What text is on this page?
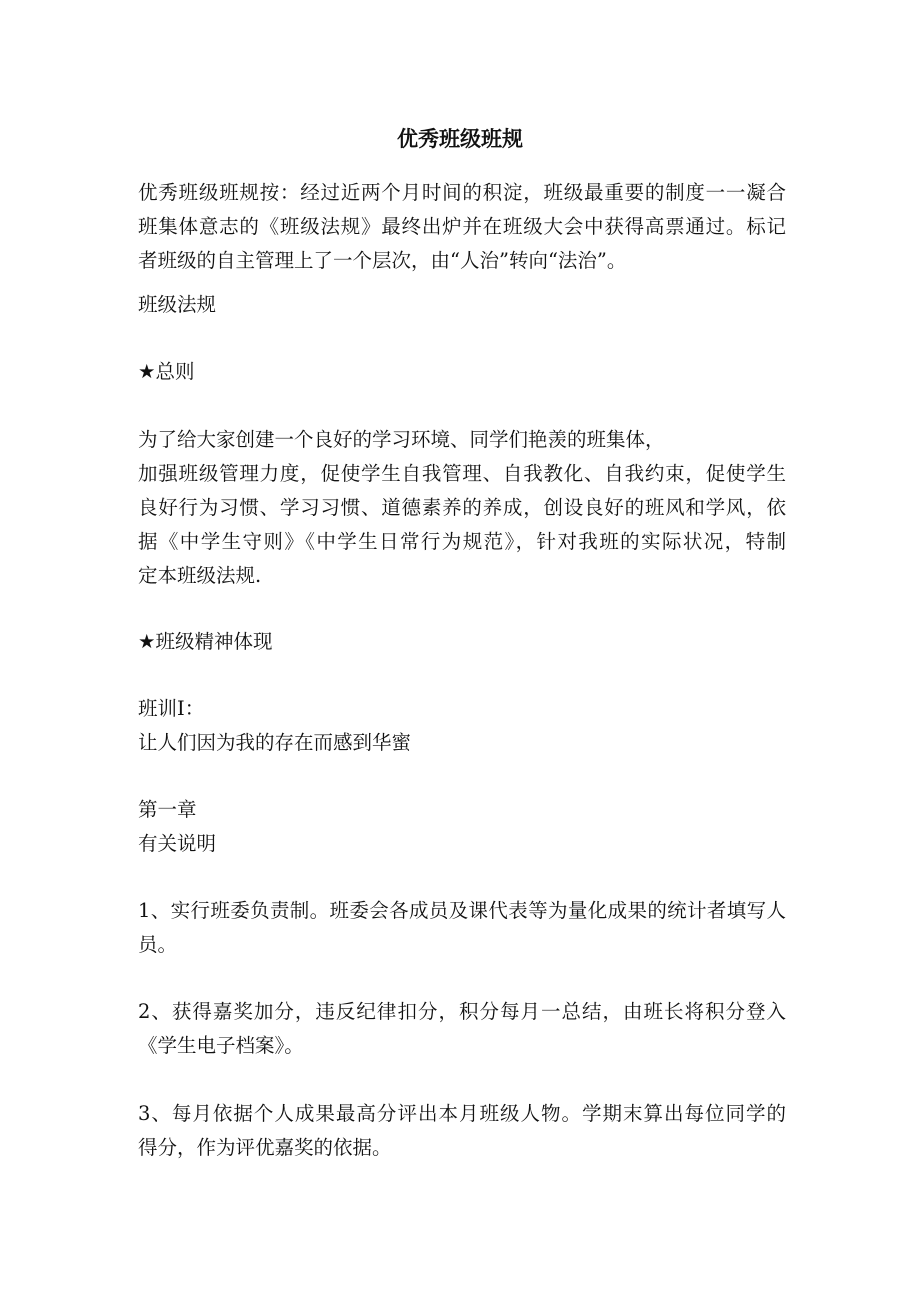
优秀班级班规

优秀班级班规按：经过近两个月时间的积淀，班级最重要的制度一一凝合
班集体意志的《班级法规》最终出炉并在班级大会中获得高票通过。标记
者班级的自主管理上了一个层次，由“人治”转向“法治”。

班级法规

★总则

为了给大家创建一个良好的学习环境、同学们艳羡的班集体，
加强班级管理力度，促使学生自我管理、自我教化、自我约束，促使学生
良好行为习惯、学习习惯、道德素养的养成，创设良好的班风和学风，依
据《中学生守则》《中学生日常行为规范》，针对我班的实际状况，特制
定本班级法规.

★班级精神体现

班训I：
让人们因为我的存在而感到华蜜

第一章
有关说明

1、实行班委负责制。班委会各成员及课代表等为量化成果的统计者填写人
员。

2、获得嘉奖加分，违反纪律扣分，积分每月一总结，由班长将积分登入
《学生电子档案》。

3、每月依据个人成果最高分评出本月班级人物。学期末算出每位同学的
得分，作为评优嘉奖的依据。
